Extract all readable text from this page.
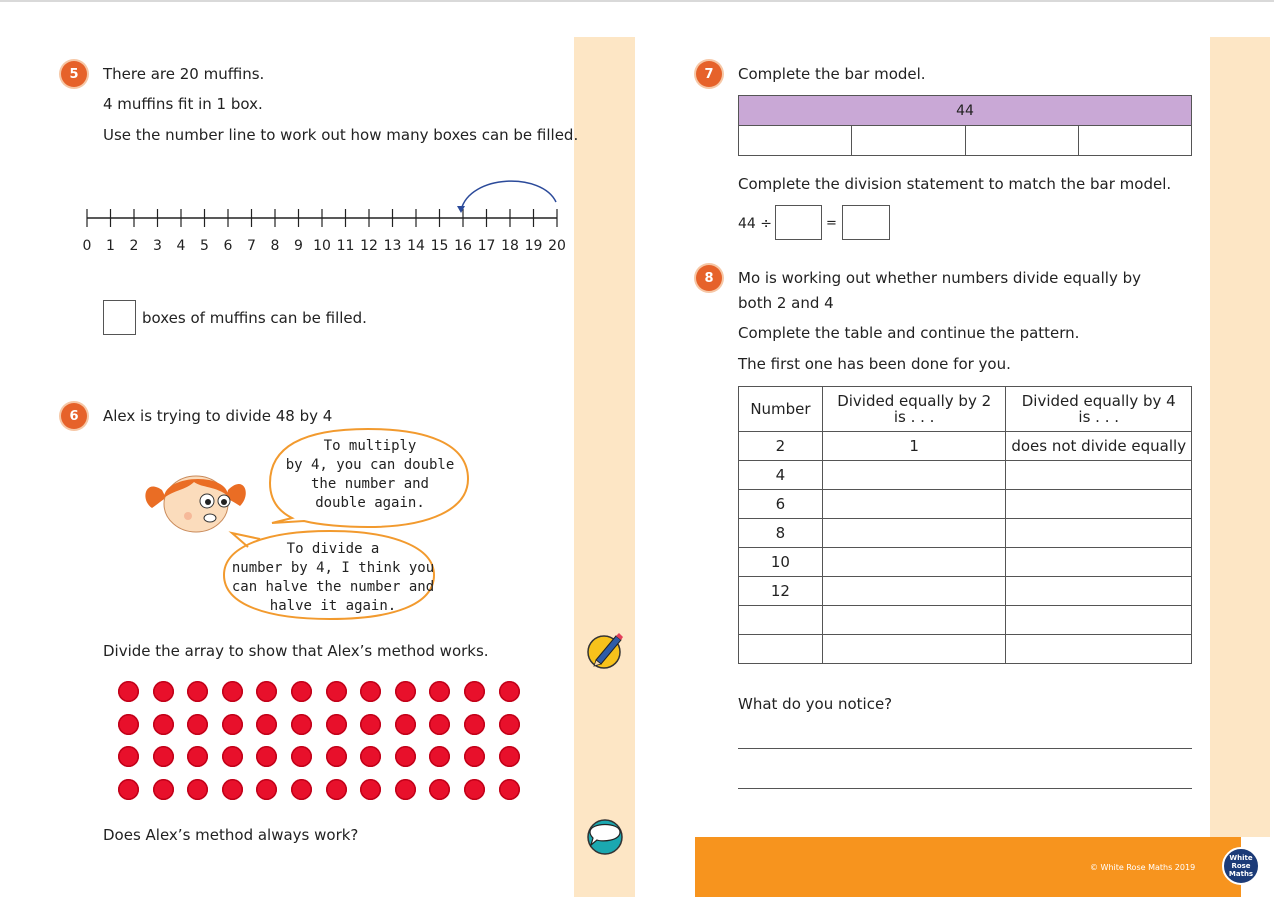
5	There are 20 muffins.
4 muffins fit in 1 box.
Use the number line to work out how many boxes can be filled.
0	1	2	3	4	5	6	7	8	9 10 11 12 13 14 15 16 17 18 19 20
boxes of muffins can be filled.
6	Alex is trying to divide 48 by 4
To multiply
by 4, you can double
the number and
double again.
To divide a
number by 4, I think you
can halve the number and
halve it again.
Divide the array to show that Alex’s method works.
Does Alex’s method always work?
7	Complete the bar model.
44
Complete the division statement to match the bar model.
44 ÷	=
8	Mo is working out whether numbers divide equally by
both 2 and 4
Complete the table and continue the pattern.
The first one has been done for you.
Number	Divided equally by 2 is . . .	Divided equally by 4 is . . .
2	1	does not divide equally
4		
6		
8		
10		
12		

What do you notice?
© White Rose Maths 2019
White
Rose
Maths
